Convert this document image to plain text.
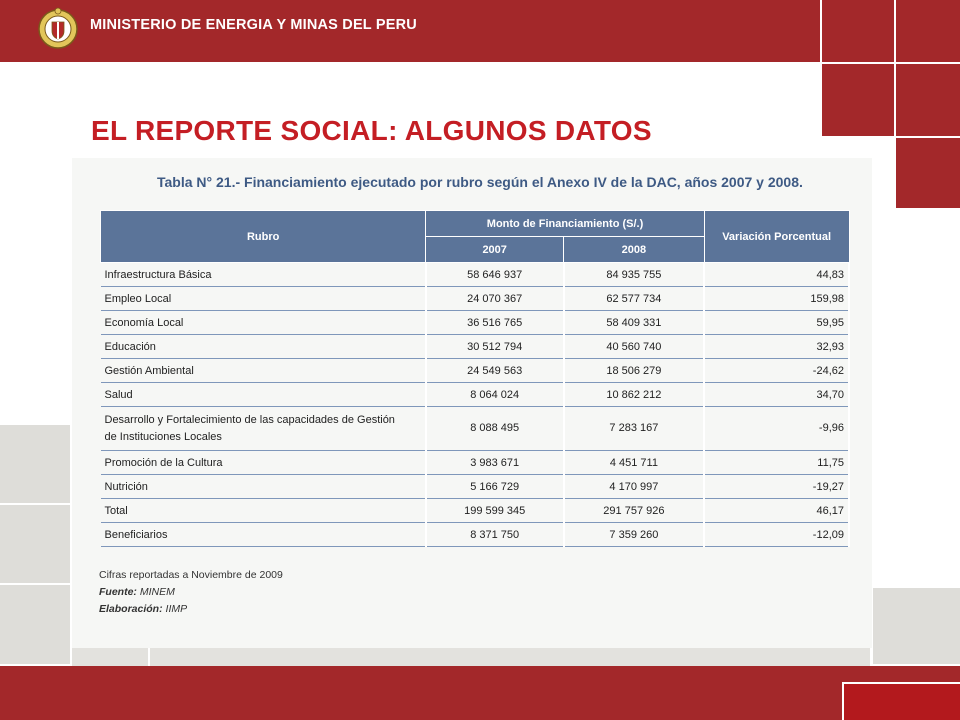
MINISTERIO DE ENERGIA Y MINAS DEL PERU
EL REPORTE SOCIAL: ALGUNOS DATOS
Tabla N° 21.- Financiamiento ejecutado por rubro según el Anexo IV de la DAC, años 2007 y 2008.
Rubro	Monto de Financiamiento (S/.)		Variación Porcentual
	2007	2008	
Infraestructura Básica	58 646 937	84 935 755	44,83
Empleo Local	24 070 367	62 577 734	159,98
Economía Local	36 516 765	58 409 331	59,95
Educación	30 512 794	40 560 740	32,93
Gestión Ambiental	24 549 563	18 506 279	-24,62
Salud	8 064 024	10 862 212	34,70
Desarrollo y Fortalecimiento de las capacidades de Gestión de Instituciones Locales	8 088 495	7 283 167	-9,96
Promoción de la Cultura	3 983 671	4 451 711	11,75
Nutrición	5 166 729	4 170 997	-19,27
Total	199 599 345	291 757 926	46,17
Beneficiarios	8 371 750	7 359 260	-12,09
Cifras reportadas a Noviembre de 2009
Fuente: MINEM
Elaboración: IIMP
